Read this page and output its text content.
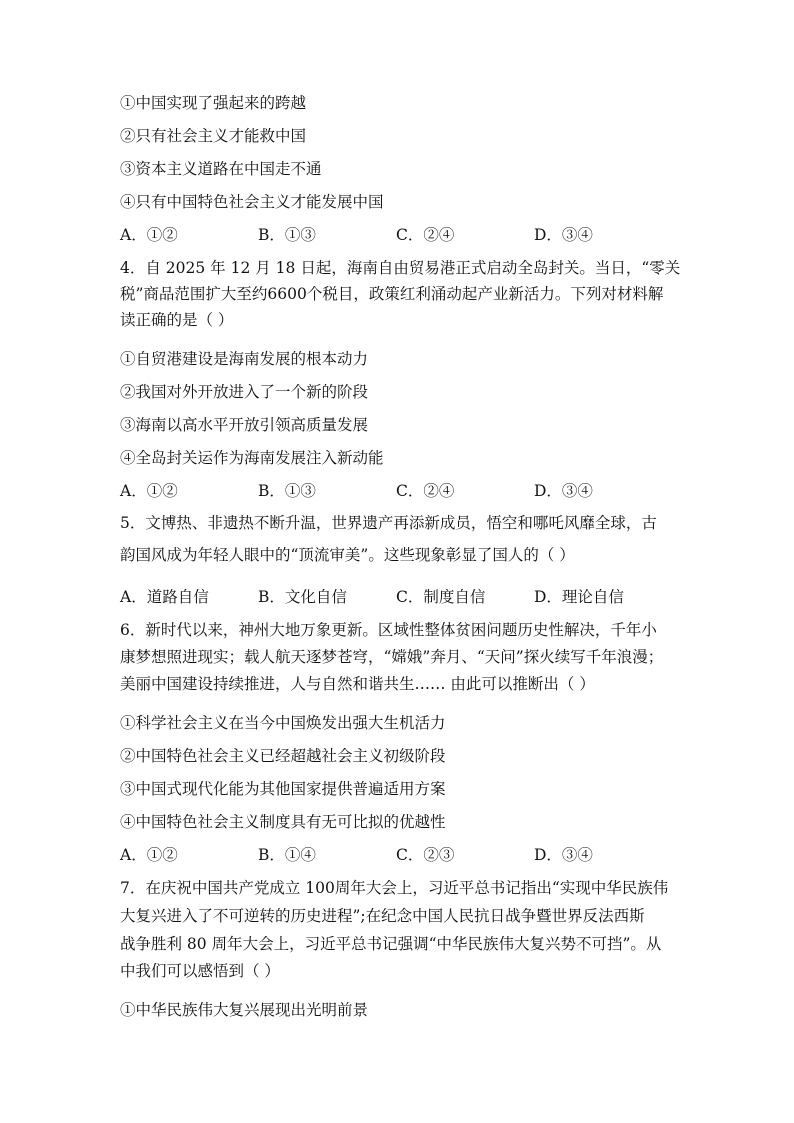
①中国实现了强起来的跨越
②只有社会主义才能救中国
③资本主义道路在中国走不通
④只有中国特色社会主义才能发展中国
A．①②	B．①③	C．②④	D．③④
4．自 2025 年 12 月 18 日起，海南自由贸易港正式启动全岛封关。当日，“零关
税”商品范围扩大至约6600个税目，政策红利涌动起产业新活力。下列对材料解
读正确的是（ ）
①自贸港建设是海南发展的根本动力
②我国对外开放进入了一个新的阶段
③海南以高水平开放引领高质量发展
④全岛封关运作为海南发展注入新动能
A．①②	B．①③	C．②④	D．③④
5．文博热、非遗热不断升温，世界遗产再添新成员，悟空和哪吒风靡全球，古
韵国风成为年轻人眼中的“顶流审美”。这些现象彰显了国人的（ ）
A．道路自信	B．文化自信	C．制度自信	D．理论自信
6．新时代以来，神州大地万象更新。区域性整体贫困问题历史性解决，千年小
康梦想照进现实；载人航天逐梦苍穹，“嫦娥”奔月、“天问”探火续写千年浪漫；
美丽中国建设持续推进，人与自然和谐共生…… 由此可以推断出（ ）
①科学社会主义在当今中国焕发出强大生机活力
②中国特色社会主义已经超越社会主义初级阶段
③中国式现代化能为其他国家提供普遍适用方案
④中国特色社会主义制度具有无可比拟的优越性
A．①②	B．①④	C．②③	D．③④
7．在庆祝中国共产党成立 100周年大会上，习近平总书记指出“实现中华民族伟
大复兴进入了不可逆转的历史进程”;在纪念中国人民抗日战争暨世界反法西斯
战争胜利 80 周年大会上，习近平总书记强调“中华民族伟大复兴势不可挡”。从
中我们可以感悟到（ ）
①中华民族伟大复兴展现出光明前景
